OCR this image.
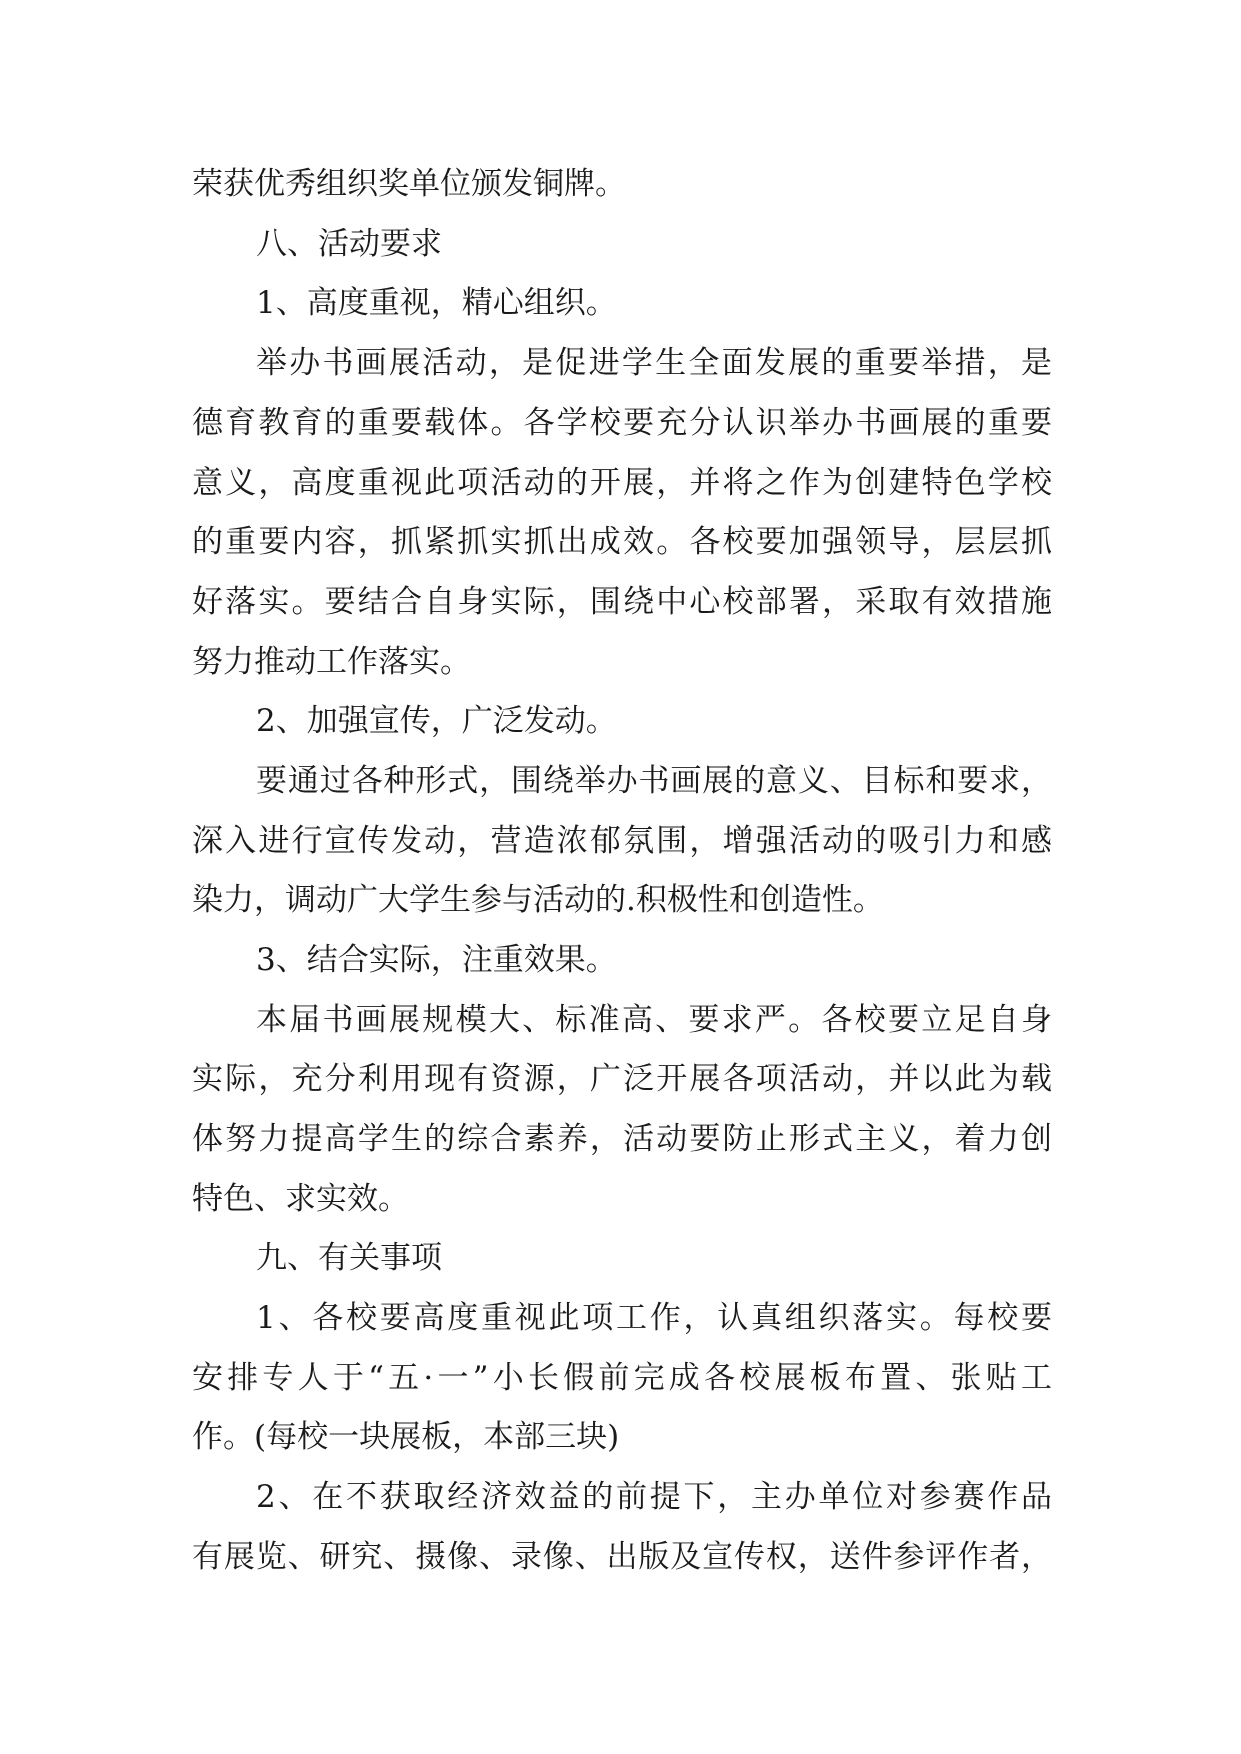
荣获优秀组织奖单位颁发铜牌。
八、活动要求
1、高度重视，精心组织。
举办书画展活动，是促进学生全面发展的重要举措，是
德育教育的重要载体。各学校要充分认识举办书画展的重要
意义，高度重视此项活动的开展，并将之作为创建特色学校
的重要内容，抓紧抓实抓出成效。各校要加强领导，层层抓
好落实。要结合自身实际，围绕中心校部署，采取有效措施
努力推动工作落实。
2、加强宣传，广泛发动。
要通过各种形式，围绕举办书画展的意义、目标和要求，
深入进行宣传发动，营造浓郁氛围，增强活动的吸引力和感
染力，调动广大学生参与活动的.积极性和创造性。
3、结合实际，注重效果。
本届书画展规模大、标准高、要求严。各校要立足自身
实际，充分利用现有资源，广泛开展各项活动，并以此为载
体努力提高学生的综合素养，活动要防止形式主义，着力创
特色、求实效。
九、有关事项
1、各校要高度重视此项工作，认真组织落实。每校要
安排专人于“五·一”小长假前完成各校展板布置、张贴工
作。(每校一块展板，本部三块)
2、在不获取经济效益的前提下，主办单位对参赛作品
有展览、研究、摄像、录像、出版及宣传权，送件参评作者，
